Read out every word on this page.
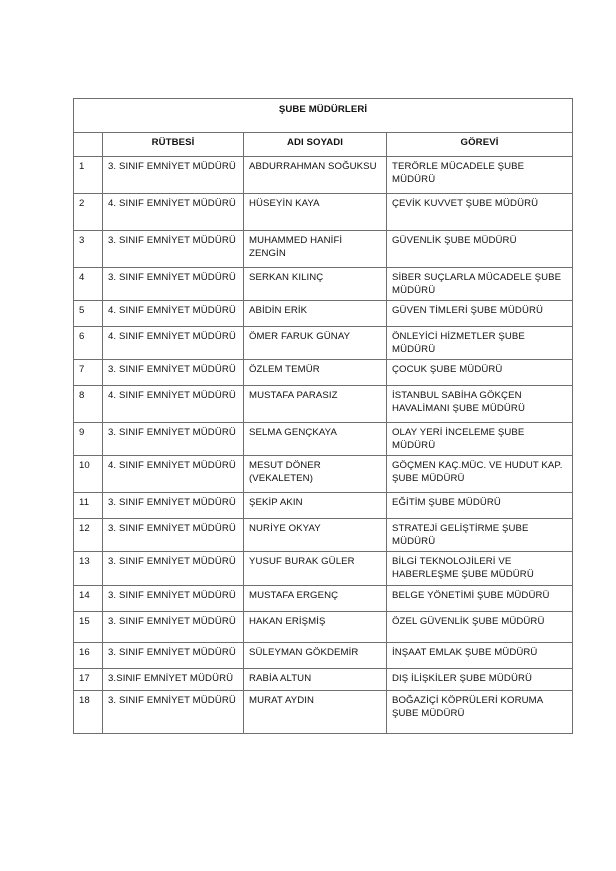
ŞUBE MÜDÜRLERİ			
	RÜTBESİ	ADI SOYADI	GÖREVİ
1	3. SINIF EMNİYET MÜDÜRÜ	ABDURRAHMAN SOĞUKSU	TERÖRLE MÜCADELE ŞUBE MÜDÜRÜ
2	4. SINIF EMNİYET MÜDÜRÜ	HÜSEYİN KAYA	ÇEVİK KUVVET ŞUBE MÜDÜRÜ
3	3. SINIF EMNİYET MÜDÜRÜ	MUHAMMED HANİFİ ZENGİN	GÜVENLİK ŞUBE MÜDÜRÜ
4	3. SINIF EMNİYET MÜDÜRÜ	SERKAN KILINÇ	SİBER SUÇLARLA MÜCADELE ŞUBE MÜDÜRÜ
5	4. SINIF EMNİYET MÜDÜRÜ	ABİDİN ERİK	GÜVEN TİMLERİ ŞUBE MÜDÜRÜ
6	4. SINIF EMNİYET MÜDÜRÜ	ÖMER FARUK GÜNAY	ÖNLEYİCİ HİZMETLER ŞUBE MÜDÜRÜ
7	3. SINIF EMNİYET MÜDÜRÜ	ÖZLEM TEMÜR	ÇOCUK ŞUBE MÜDÜRÜ
8	4. SINIF EMNİYET MÜDÜRÜ	MUSTAFA PARASIZ	İSTANBUL SABİHA GÖKÇEN HAVALİMANI ŞUBE MÜDÜRÜ
9	3. SINIF EMNİYET MÜDÜRÜ	SELMA GENÇKAYA	OLAY YERİ İNCELEME ŞUBE MÜDÜRÜ
10	4. SINIF EMNİYET MÜDÜRÜ	MESUT DÖNER (VEKALETEN)	GÖÇMEN KAÇ.MÜC. VE HUDUT KAP. ŞUBE MÜDÜRÜ
11	3. SINIF EMNİYET MÜDÜRÜ	ŞEKİP AKIN	EĞİTİM ŞUBE MÜDÜRÜ
12	3. SINIF EMNİYET MÜDÜRÜ	NURİYE OKYAY	STRATEJİ GELİŞTİRME ŞUBE MÜDÜRÜ
13	3. SINIF EMNİYET MÜDÜRÜ	YUSUF BURAK GÜLER	BİLGİ TEKNOLOJİLERİ VE HABERLEŞME ŞUBE MÜDÜRÜ
14	3. SINIF EMNİYET MÜDÜRÜ	MUSTAFA ERGENÇ	BELGE YÖNETİMİ ŞUBE MÜDÜRÜ
15	3. SINIF EMNİYET MÜDÜRÜ	HAKAN ERİŞMİŞ	ÖZEL GÜVENLİK ŞUBE MÜDÜRÜ
16	3. SINIF EMNİYET MÜDÜRÜ	SÜLEYMAN GÖKDEMİR	İNŞAAT EMLAK ŞUBE MÜDÜRÜ
17	3.SINIF EMNİYET MÜDÜRÜ	RABİA ALTUN	DIŞ İLİŞKİLER ŞUBE MÜDÜRÜ
18	3. SINIF EMNİYET MÜDÜRÜ	MURAT AYDIN	BOĞAZİÇİ KÖPRÜLERİ KORUMA ŞUBE MÜDÜRÜ
